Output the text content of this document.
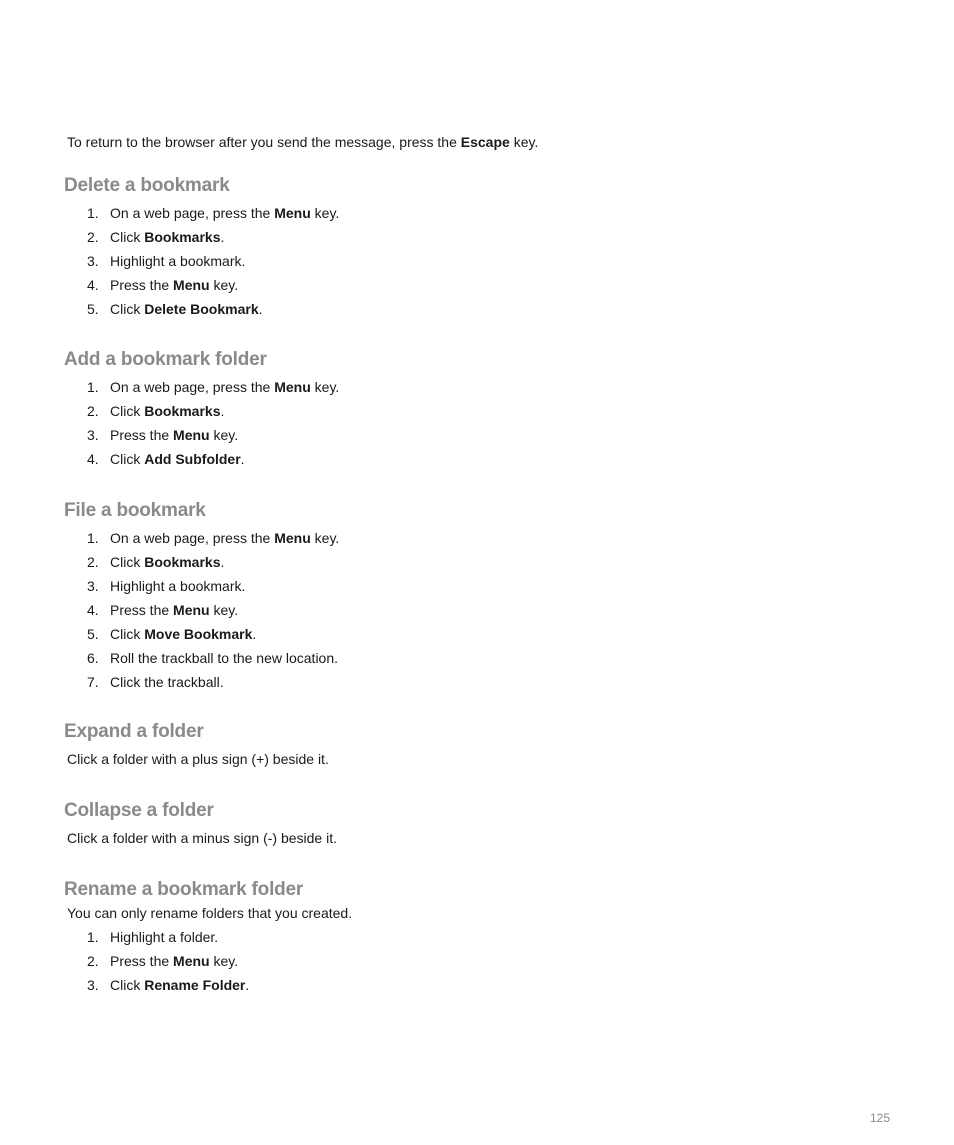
To return to the browser after you send the message, press the Escape key.

Delete a bookmark
1. On a web page, press the Menu key.
2. Click Bookmarks.
3. Highlight a bookmark.
4. Press the Menu key.
5. Click Delete Bookmark.
Add a bookmark folder
1. On a web page, press the Menu key.
2. Click Bookmarks.
3. Press the Menu key.
4. Click Add Subfolder.
File a bookmark
1. On a web page, press the Menu key.
2. Click Bookmarks.
3. Highlight a bookmark.
4. Press the Menu key.
5. Click Move Bookmark.
6. Roll the trackball to the new location.
7. Click the trackball.
Expand a folder

Click a folder with a plus sign (+) beside it.

Collapse a folder

Click a folder with a minus sign (-) beside it.

Rename a bookmark folder

You can only rename folders that you created.

1. Highlight a folder.
2. Press the Menu key.
3. Click Rename Folder.
125
